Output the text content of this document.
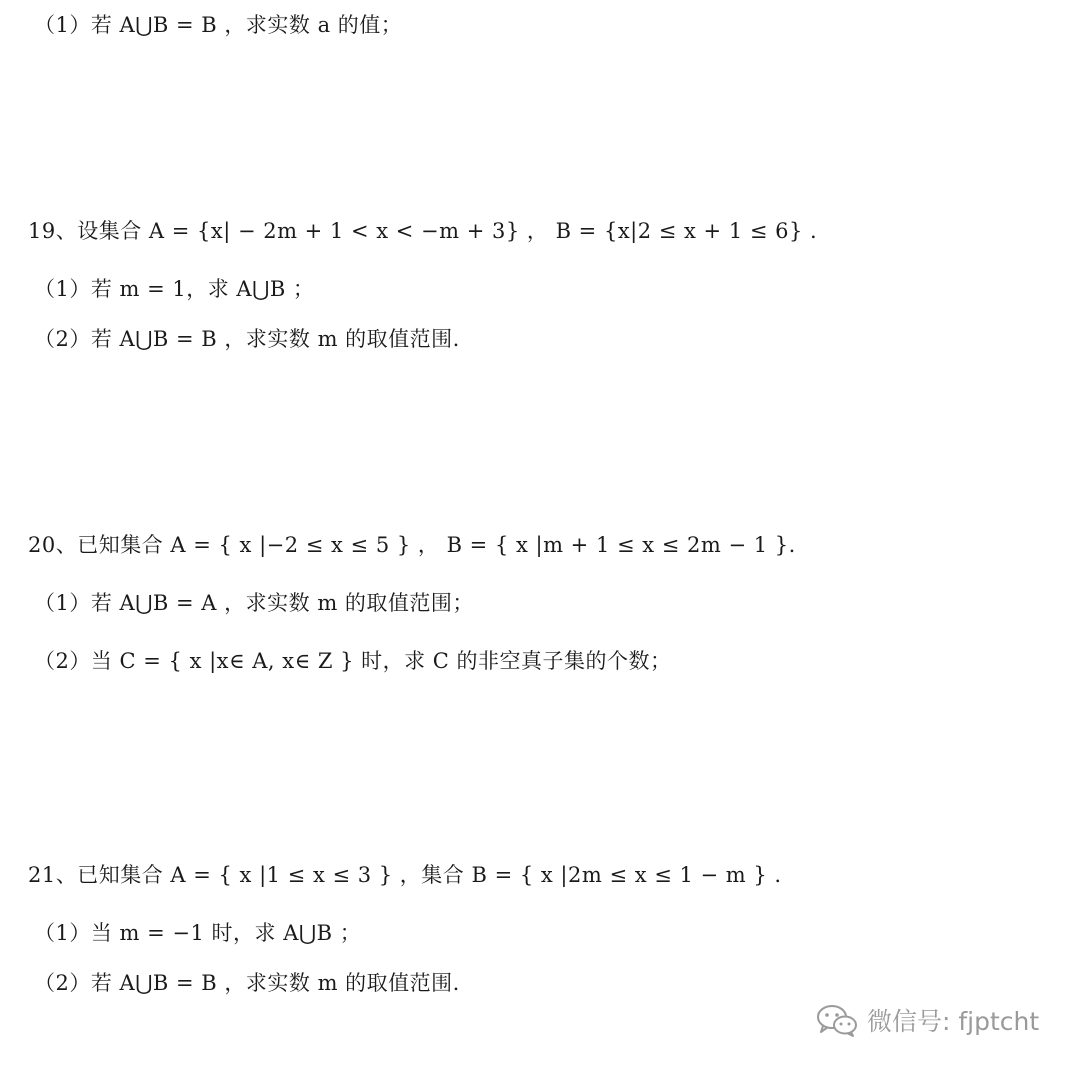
（1）若 A⋃B = B ，求实数 a 的值；
19、设集合 A = {x| − 2m + 1 < x < −m + 3} ， B = {x|2 ≤ x + 1 ≤ 6} .
（1）若 m = 1，求 A⋃B ；
（2）若 A⋃B = B ，求实数 m 的取值范围.
20、已知集合 A = { x |−2 ≤ x ≤ 5 } ， B = { x |m + 1 ≤ x ≤ 2m − 1 }.
（1）若 A⋃B = A ，求实数 m 的取值范围；
（2）当 C = { x |x∈ A, x∈ Z } 时，求 C 的非空真子集的个数；
21、已知集合 A = { x |1 ≤ x ≤ 3 } ，集合 B = { x |2m ≤ x ≤ 1 − m } .
（1）当 m = −1 时，求 A⋃B ；
（2）若 A⋃B = B ，求实数 m 的取值范围.
微信号: fjptcht
